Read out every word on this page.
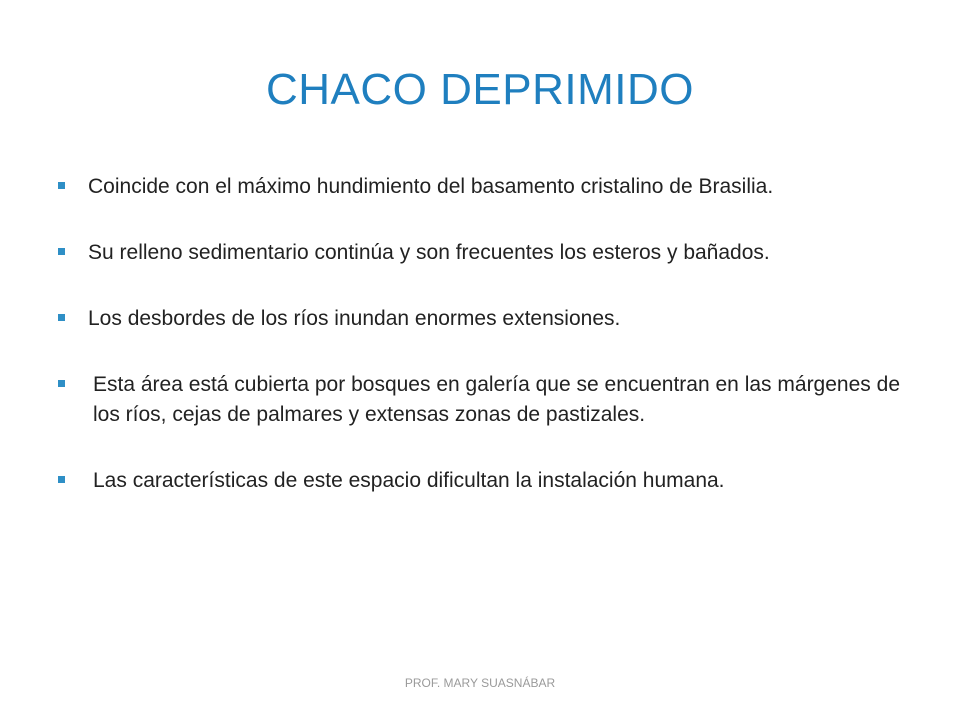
CHACO DEPRIMIDO
Coincide con el máximo hundimiento del basamento cristalino de Brasilia.
Su relleno sedimentario continúa y son frecuentes los esteros y bañados.
Los desbordes de los ríos inundan enormes extensiones.
Esta área está cubierta por bosques en galería que se encuentran en las márgenes de los ríos, cejas de palmares y extensas zonas de pastizales.
Las características de este espacio dificultan la instalación humana.
PROF. MARY SUASNÁBAR
